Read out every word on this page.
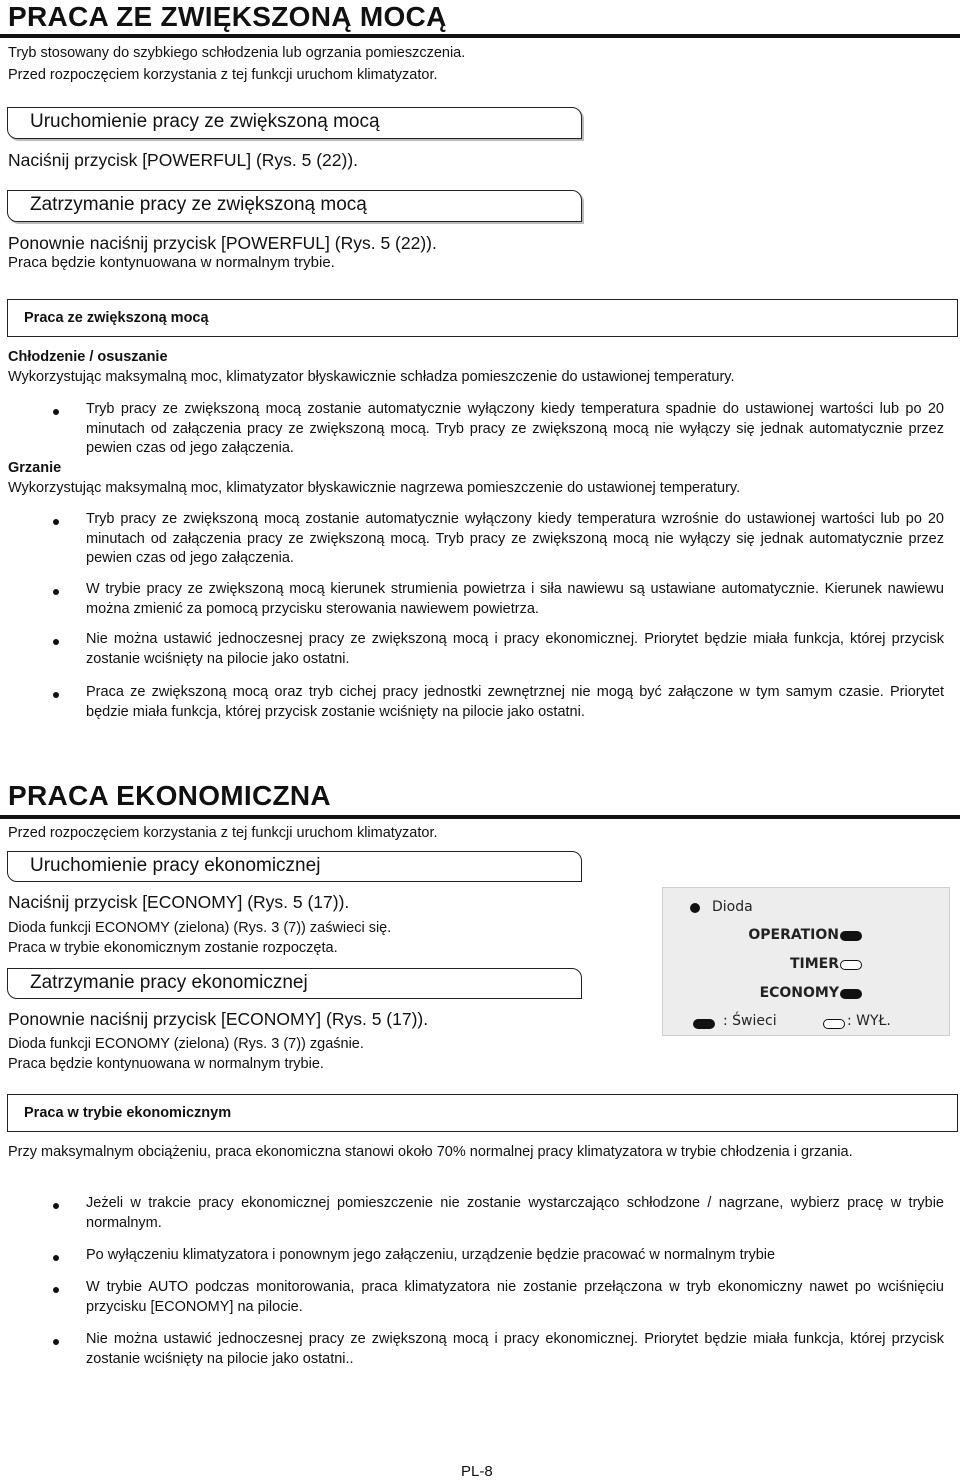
PRACA ZE ZWIĘKSZONĄ MOCĄ
Tryb stosowany do szybkiego schłodzenia lub ogrzania pomieszczenia.
Przed rozpoczęciem korzystania z tej funkcji uruchom klimatyzator.
Uruchomienie pracy ze zwiększoną mocą
Naciśnij przycisk [POWERFUL] (Rys. 5 (22)).
Zatrzymanie pracy ze zwiększoną mocą
Ponownie naciśnij przycisk [POWERFUL] (Rys. 5 (22)).
Praca będzie kontynuowana w normalnym trybie.
Praca ze zwiększoną mocą
Chłodzenie / osuszanie
Wykorzystując maksymalną moc, klimatyzator błyskawicznie schładza pomieszczenie do ustawionej temperatury.
Tryb pracy ze zwiększoną mocą zostanie automatycznie wyłączony kiedy temperatura spadnie do ustawionej wartości lub po 20 minutach od załączenia pracy ze zwiększoną mocą. Tryb pracy ze zwiększoną mocą nie wyłączy się jednak automatycznie przez pewien czas od jego załączenia.
Grzanie
Wykorzystując maksymalną moc, klimatyzator błyskawicznie nagrzewa pomieszczenie do ustawionej temperatury.
Tryb pracy ze zwiększoną mocą zostanie automatycznie wyłączony kiedy temperatura wzrośnie do ustawionej wartości lub po 20 minutach od załączenia pracy ze zwiększoną mocą. Tryb pracy ze zwiększoną mocą nie wyłączy się jednak automatycznie przez pewien czas od jego załączenia.
W trybie pracy ze zwiększoną mocą kierunek strumienia powietrza i siła nawiewu są ustawiane automatycznie. Kierunek nawiewu można zmienić za pomocą przycisku sterowania nawiewem powietrza.
Nie można ustawić jednoczesnej pracy ze zwiększoną mocą i pracy ekonomicznej. Priorytet będzie miała funkcja, której przycisk zostanie wciśnięty na pilocie jako ostatni.
Praca ze zwiększoną mocą oraz tryb cichej pracy jednostki zewnętrznej nie mogą być załączone w tym samym czasie. Priorytet będzie miała funkcja, której przycisk zostanie wciśnięty na pilocie jako ostatni.
PRACA EKONOMICZNA
Przed rozpoczęciem korzystania z tej funkcji uruchom klimatyzator.
Uruchomienie pracy ekonomicznej
Naciśnij przycisk [ECONOMY] (Rys. 5 (17)).
Dioda funkcji ECONOMY (zielona) (Rys. 3 (7)) zaświeci się.
Praca w trybie ekonomicznym zostanie rozpoczęta.
Zatrzymanie pracy ekonomicznej
Ponownie naciśnij przycisk [ECONOMY] (Rys. 5 (17)).
Dioda funkcji ECONOMY (zielona) (Rys. 3 (7)) zgaśnie.
Praca będzie kontynuowana w normalnym trybie.
Dioda
OPERATION
TIMER
ECONOMY
: Świeci	: WYŁ.
Praca w trybie ekonomicznym
Przy maksymalnym obciążeniu, praca ekonomiczna stanowi około 70% normalnej pracy klimatyzatora w trybie chłodzenia i grzania.
Jeżeli w trakcie pracy ekonomicznej pomieszczenie nie zostanie wystarczająco schłodzone / nagrzane, wybierz pracę w trybie normalnym.
Po wyłączeniu klimatyzatora i ponownym jego załączeniu, urządzenie będzie pracować w normalnym trybie
W trybie AUTO podczas monitorowania, praca klimatyzatora nie zostanie przełączona w tryb ekonomiczny nawet po wciśnięciu przycisku [ECONOMY] na pilocie.
Nie można ustawić jednoczesnej pracy ze zwiększoną mocą i pracy ekonomicznej. Priorytet będzie miała funkcja, której przycisk zostanie wciśnięty na pilocie jako ostatni..
PL-8
